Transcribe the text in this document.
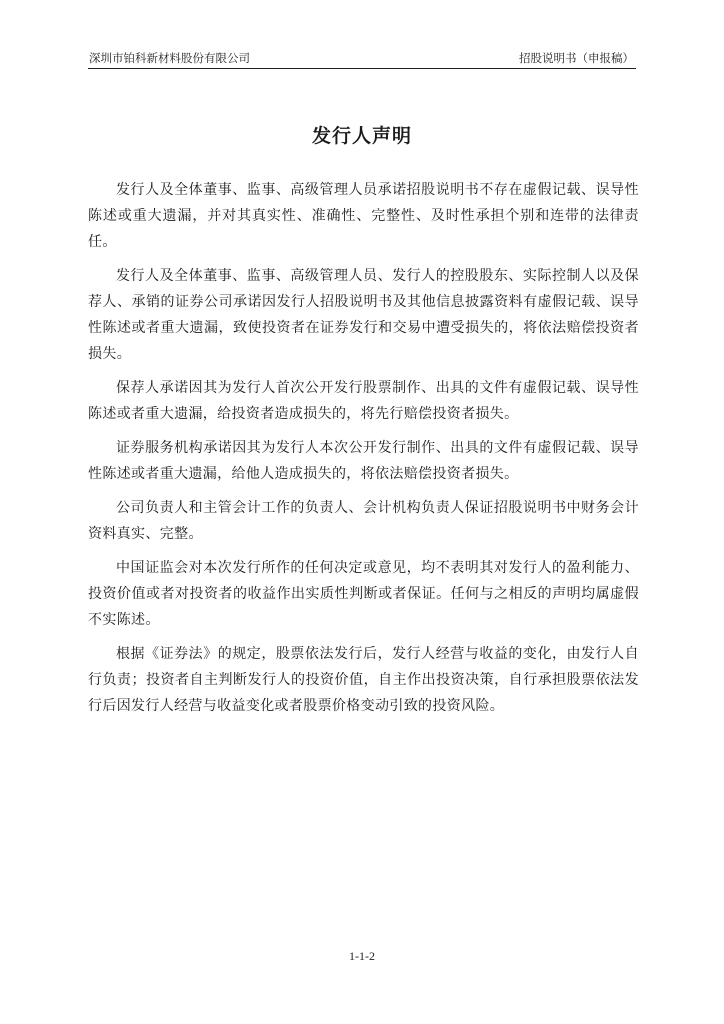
深圳市铂科新材料股份有限公司	招股说明书（申报稿）
发行人声明

发行人及全体董事、监事、高级管理人员承诺招股说明书不存在虚假记载、误导性陈述或重大遗漏，并对其真实性、准确性、完整性、及时性承担个别和连带的法律责任。

发行人及全体董事、监事、高级管理人员、发行人的控股股东、实际控制人以及保荐人、承销的证券公司承诺因发行人招股说明书及其他信息披露资料有虚假记载、误导性陈述或者重大遗漏，致使投资者在证券发行和交易中遭受损失的，将依法赔偿投资者损失。

保荐人承诺因其为发行人首次公开发行股票制作、出具的文件有虚假记载、误导性陈述或者重大遗漏，给投资者造成损失的，将先行赔偿投资者损失。

证券服务机构承诺因其为发行人本次公开发行制作、出具的文件有虚假记载、误导性陈述或者重大遗漏，给他人造成损失的，将依法赔偿投资者损失。

公司负责人和主管会计工作的负责人、会计机构负责人保证招股说明书中财务会计资料真实、完整。

中国证监会对本次发行所作的任何决定或意见，均不表明其对发行人的盈利能力、投资价值或者对投资者的收益作出实质性判断或者保证。任何与之相反的声明均属虚假不实陈述。

根据《证券法》的规定，股票依法发行后，发行人经营与收益的变化，由发行人自行负责；投资者自主判断发行人的投资价值，自主作出投资决策，自行承担股票依法发行后因发行人经营与收益变化或者股票价格变动引致的投资风险。

1-1-2
